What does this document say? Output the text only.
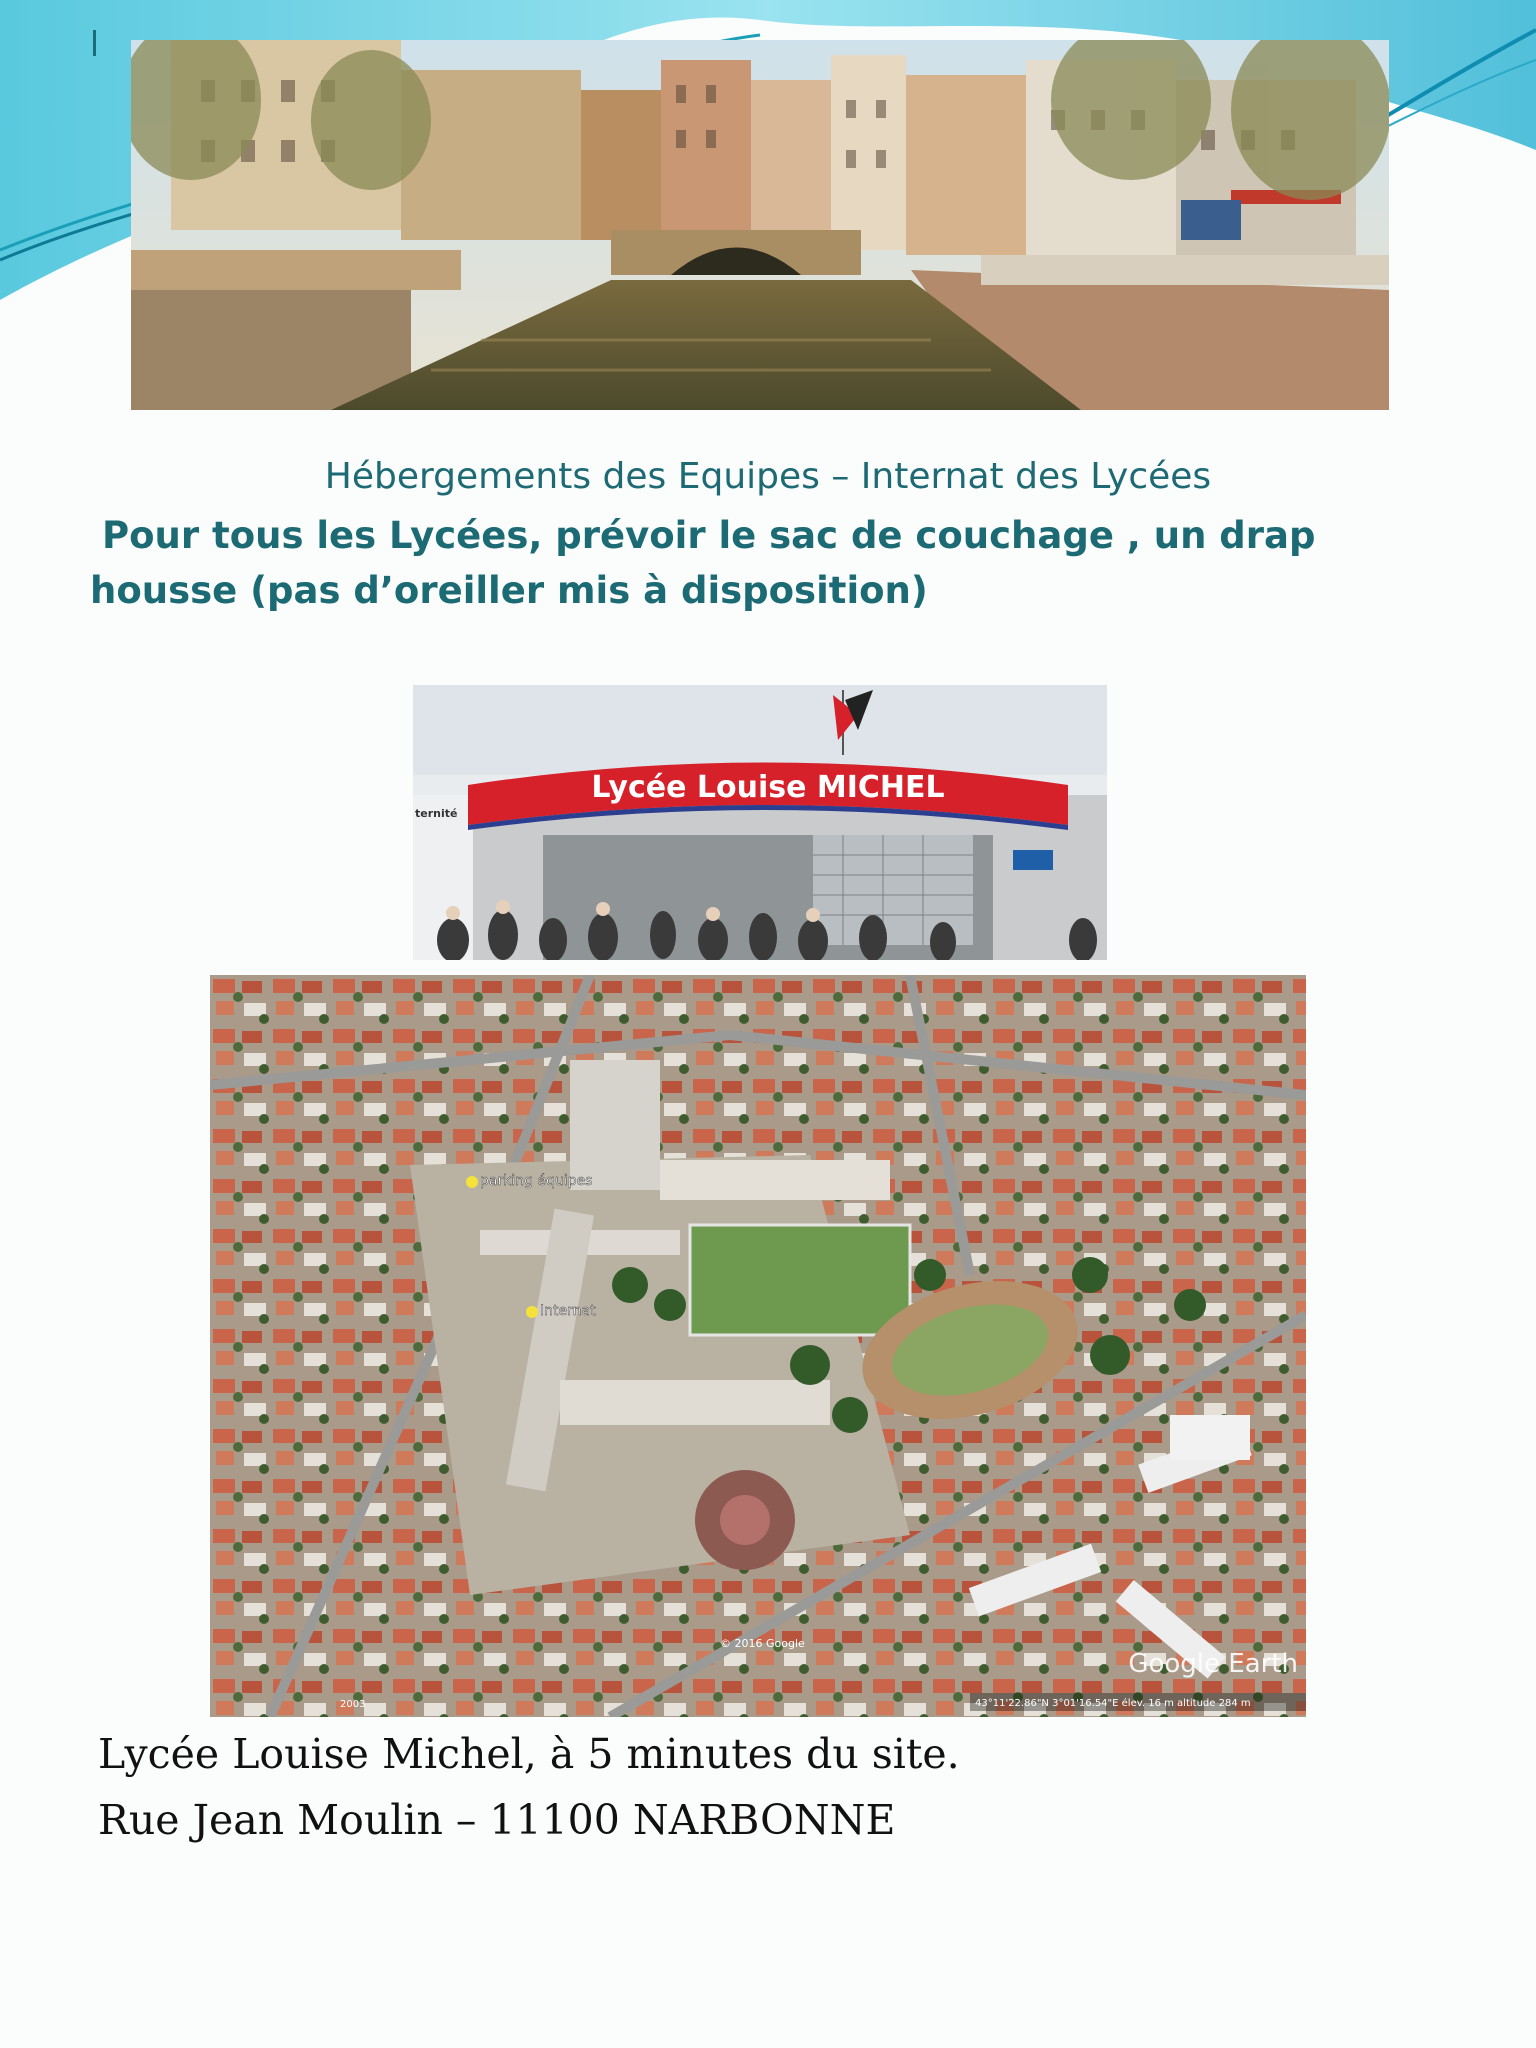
Hébergements des Equipes – Internat des Lycées
Pour tous les Lycées, prévoir le sac de couchage , un drap housse (pas d’oreiller mis à disposition)
ternité
Lycée Louise MICHEL
parking équipes
Internat
© 2016 Google
2003
Google Earth
43°11'22.86"N 3°01'16.54"E élev. 16 m altitude 284 m
Lycée Louise Michel, à 5 minutes du site.
Rue Jean Moulin – 11100 NARBONNE
